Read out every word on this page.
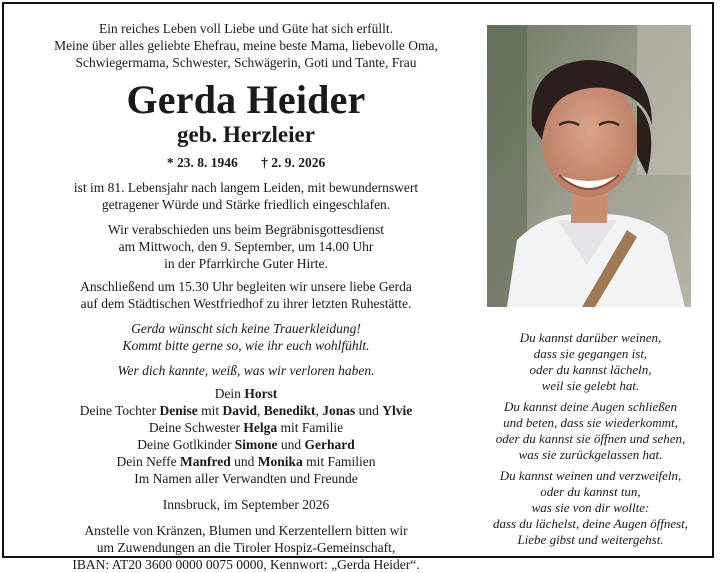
Ein reiches Leben voll Liebe und Güte hat sich erfüllt.

Meine über alles geliebte Ehefrau, meine beste Mama, liebevolle Oma,

Schwiegermama, Schwester, Schwägerin, Goti und Tante, Frau

Gerda Heider
geb. Herzleier
* 23. 8. 1946 † 2. 9. 2026

ist im 81. Lebensjahr nach langem Leiden, mit bewundernswert

getragener Würde und Stärke friedlich eingeschlafen.

Wir verabschieden uns beim Begräbnisgottesdienst

am Mittwoch, den 9. September, um 14.00 Uhr

in der Pfarrkirche Guter Hirte.

Anschließend um 15.30 Uhr begleiten wir unsere liebe Gerda

auf dem Städtischen Westfriedhof zu ihrer letzten Ruhestätte.

Gerda wünscht sich keine Trauerkleidung!

Kommt bitte gerne so, wie ihr euch wohlfühlt.

Wer dich kannte, weiß, was wir verloren haben.

Dein Horst

Deine Tochter Denise mit David, Benedikt, Jonas und Ylvie

Deine Schwester Helga mit Familie

Deine Gotlkinder Simone und Gerhard

Dein Neffe Manfred und Monika mit Familien

Im Namen aller Verwandten und Freunde

Innsbruck, im September 2026

Anstelle von Kränzen, Blumen und Kerzentellern bitten wir

um Zuwendungen an die Tiroler Hospiz-Gemeinschaft,

IBAN: AT20 3600 0000 0075 0000, Kennwort: „Gerda Heider“.

Du kannst darüber weinen,

dass sie gegangen ist,

oder du kannst lächeln,

weil sie gelebt hat.

Du kannst deine Augen schließen

und beten, dass sie wiederkommt,

oder du kannst sie öffnen und sehen,

was sie zurückgelassen hat.

Du kannst weinen und verzweifeln,

oder du kannst tun,

was sie von dir wollte:

dass du lächelst, deine Augen öffnest,

Liebe gibst und weitergehst.
